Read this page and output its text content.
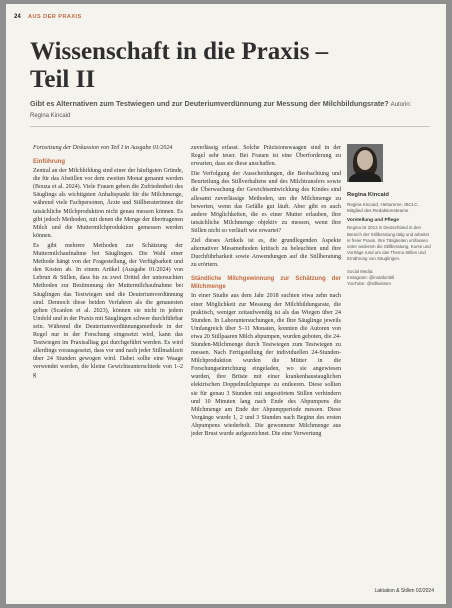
24 AUS DER PRAXIS
Wissenschaft in die Praxis –
Teil II
Gibt es Alternativen zum Testwiegen und zur Deuteriumverdünnung zur Messung der Milchbildungsrate? Autorin: Regina Kincaid

Fortsetzung der Diskussion von Teil I in Ausgabe 01/2024

Einführung

Zentral an der Milchbildung sind einer der häufigsten Gründe, die für das Abstillen vor dem zweiten Monat genannt werden (Bouza et al. 2024). Viele Frauen geben die Zufriedenheit des Säuglings als wichtigsten Anhaltspunkt für die Milchmenge, während viele Fachpersonen, Ärzte und Stillberaterinnen die tatsächliche Milchproduktion nicht genau messen können. Es gibt jedoch Methoden, mit denen die Menge der übertragenen Milch und die Muttermilchproduktion gemessen werden können.

Es gibt mehrere Methoden zur Schätzung der Muttermilchaufnahme bei Säuglingen. Die Wahl einer Methode hängt von der Fragestellung, der Verfügbarkeit und den Kosten ab. In einem Artikel (Ausgabe 01/2024) von Lebrun & Stillen, dass bis zu zwei Drittel der untersuchten Methoden zur Bestimmung der Muttermilchaufnahme bei Säuglingen das Testwiegen und die Deuteriumverdünnung sind. Dennoch diese beiden Verfahren als die genauesten gelten (Scanlon et al. 2023), können sie nicht in jedem Umfeld und in der Praxis mit Säuglingen schwer durchführbar sein. Während die Deuteriumverdünnungsmethode in der Regel nur in der Forschung eingesetzt wird, kann das Testwiegen im Praxisalltag gut durchgeführt werden. Es wird allerdings vorausgesetzt, dass vor und nach jeder Stillmahlzeit über 24 Stunden gewogen wird. Dabei sollte eine Waage verwendet werden, die kleine Gewichtsunterschiede von 1–2 g

zuverlässig erfasst. Solche Präzisionswaagen sind in der Regel sehr teuer. Bei Frauen ist eine Überforderung zu erwarten, dass sie diese anschaffen.

Die Verfolgung der Ausscheidungen, die Beobachtung und Beurteilung des Stillverhaltens und des Milchtransfers sowie die Überwachung der Gewichtsentwicklung des Kindes sind allesamt zuverlässige Methoden, um die Milchmenge zu bewerten, wenn das Gefälle gut läuft. Aber gibt es auch andere Möglichkeiten, die es einer Mutter erlauben, ihre tatsächliche Milchmenge objektiv zu messen, wenn ihre Stillen nicht so verläuft wie erwartet?

Ziel dieses Artikels ist es, die grundlegenden Aspekte alternativer Messmethoden kritisch zu beleuchten und ihre Durchführbarkeit sowie Anwendungen auf die Stillberatung zu erörtern.

Ständliche Milchgewinnung zur Schätzung der Milchmenge

In einer Studie aus dem Jahr 2018 suchten etwa zehn nach einer Möglichkeit zur Messung der Milchbildungsrate, die praktisch, weniger zeitaufwendig ist als das Wiegen über 24 Stunden. In Laboruntersuchungen, die Ihre Säuglinge jeweils Umfangreich über 5–11 Monaten, konnten die Autoren von etwa 20 Stillpaaren Milch abpumpen, wurden geboten, die 24-Stunden-Milchmenge durch Testwiegen zum Testwiegen zu messen. Nach Fertigstellung der individuellen 24-Stunden-Milchproduktion wurden die Mütter in die Forschungseinrichtung eingeladen, wo sie angewiesen wurden, ihre Brüste mit einer krankenhaustauglichen elektrischen Doppelmilchpumpe zu entleeren. Diese sollten sie für genau 3 Stunden mit ungestörtem Stillen verhindern und 10 Minuten lang nach Ende des Abpumpens die Milchmenge am Ende der Abpumpperiode messen. Diese Vorgänge wurde 1, 2 und 3 Stunden nach Beginn des ersten Abpumpens wiederholt. Die gewonnene Milchmenge aus jeder Brust wurde aufgezeichnet. Die eine Verwertung

Regina Kincaid

Regina Kincaid, Hebamme, IBCLC. Mitglied des Redaktionsteams

Vorstellung und Pflege

Regina ist 2013 in Deutschland in den Bereich der Stillberatung tätig und arbeitet in freier Praxis. Ihre Tätigkeiten umfassen unter anderem die Stillberatung, Kurse und Vorträge rund um das Thema Stillen und Ernährung von Säuglingen.

Social Media:
Instagram: @instaforstill
YouTube: @stillwissen

Laktation & Stillen 02/2024
